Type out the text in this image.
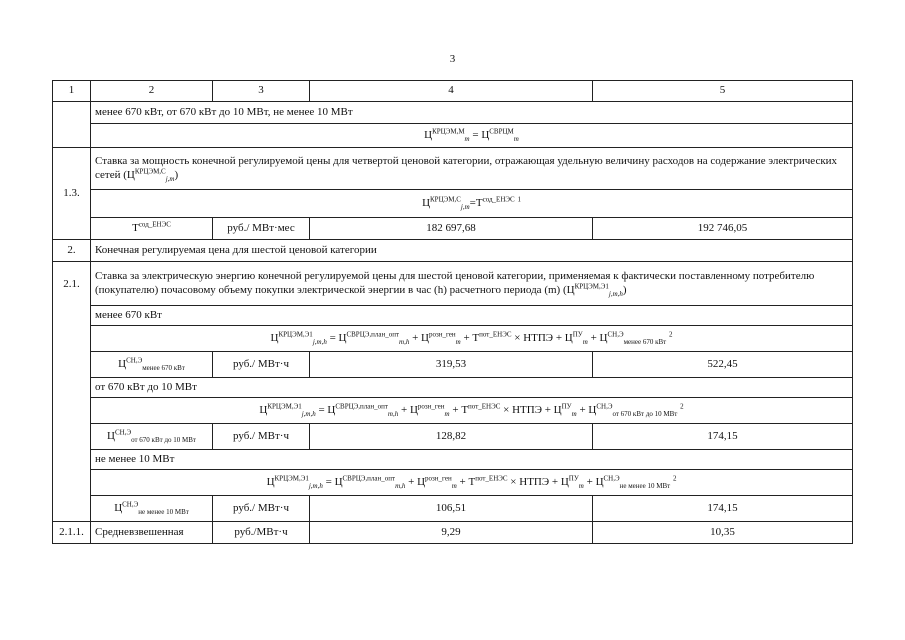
3
1	2	3	4	5
	менее 670 кВт, от 670 кВт до 10 МВт, не менее 10 МВт			
	$Ц^{КРЦЭМ,М}_m = Ц^{СВРЦМ}_m$
1.3.	Ставка за мощность конечной регулируемой цены для четвертой ценовой категории, отражающая удельную величину расходов на содержание электрических сетей $(Ц^{КРЦЭМ,С}_{j,m})$			
	$Ц^{КРЦЭМ,С}_{j,m}=Т^{сод\_ЕНЭС}$ $^1$
	$Т^{сод\_ЕНЭС}$	руб./ МВт·мес	182 697,68	192 746,05
2.	Конечная регулируемая цена для шестой ценовой категории			
2.1.	Ставка за электрическую энергию конечной регулируемой цены для шестой ценовой категории, применяемая к фактически поставленному потребителю (покупателю) почасовому объему покупки электрической энергии в час (h) расчетного периода (m) $(Ц^{КРЦЭМ,Э1}_{j,m,h})$			
	менее 670 кВт			
	$Ц^{КРЦЭМ,Э1}_{j,m,h} = Ц^{СВРЦЭ,план\_опт}_{m,h} + Ц^{розн\_ген}_m + Т^{пот\_ЕНЭС}$ × НТПЭ + $Ц^{ПУ}_m + Ц^{СН,Э}_{менее 670 кВт}$ $^2$
	$Ц^{СН,Э}_{менее 670 кВт}$	руб./ МВт·ч	319,53	522,45
	от 670 кВт до 10 МВт			
	$Ц^{КРЦЭМ,Э1}_{j,m,h} = Ц^{СВРЦЭ,план\_опт}_{m,h} + Ц^{розн\_ген}_m + Т^{пот\_ЕНЭС}$ × НТПЭ + $Ц^{ПУ}_m + Ц^{СН,Э}_{от 670 кВт до 10 МВт}$ $^2$
	$Ц^{СН,Э}_{от 670 кВт до 10 МВт}$	руб./ МВт·ч	128,82	174,15
	не менее 10 МВт			
	$Ц^{КРЦЭМ,Э1}_{j,m,h} = Ц^{СВРЦЭ,план\_опт}_{m,h} + Ц^{розн\_ген}_m + Т^{пот\_ЕНЭС}$ × НТПЭ + $Ц^{ПУ}_m + Ц^{СН,Э}_{не менее 10 МВт}$ $^2$
	$Ц^{СН,Э}_{не менее 10 МВт}$	руб./ МВт·ч	106,51	174,15
2.1.1.	Средневзвешенная	руб./МВт·ч	9,29	10,35
